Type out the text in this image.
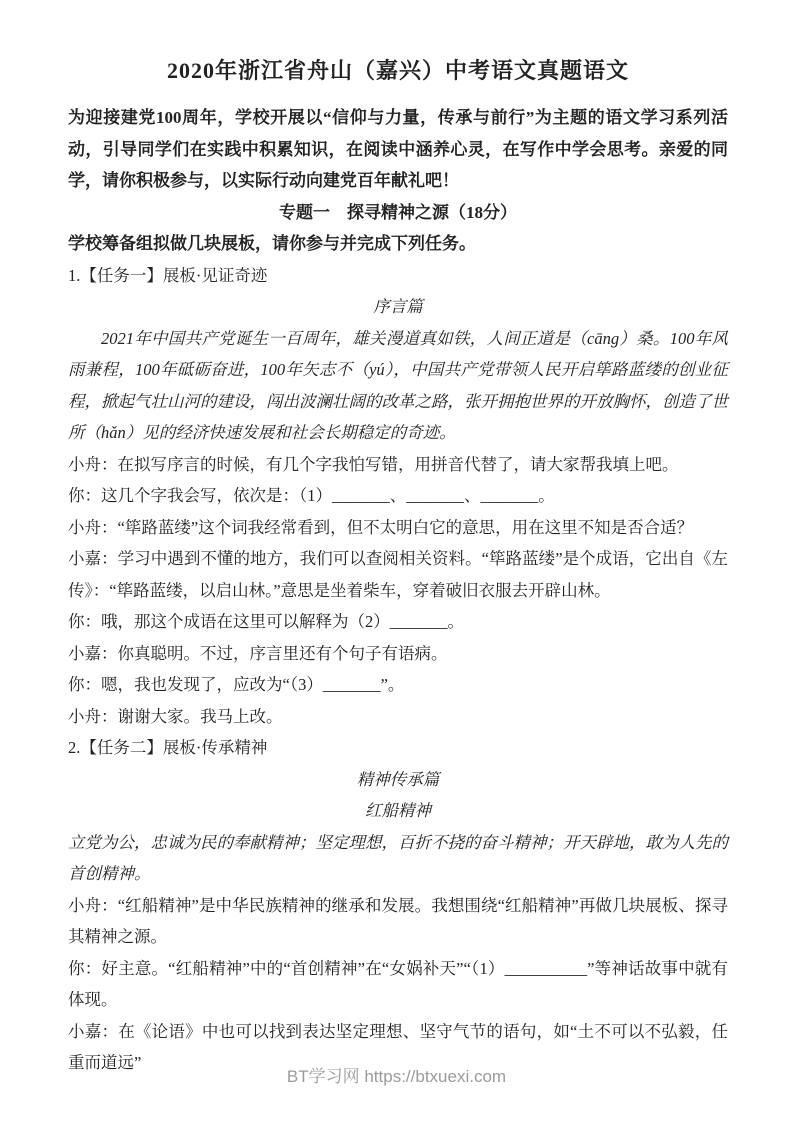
2020年浙江省舟山（嘉兴）中考语文真题语文

为迎接建党100周年，学校开展以“信仰与力量，传承与前行”为主题的语文学习系列活动，引导同学们在实践中积累知识，在阅读中涵养心灵，在写作中学会思考。亲爱的同学，请你积极参与，以实际行动向建党百年献礼吧！

专题一　探寻精神之源（18分）

学校筹备组拟做几块展板，请你参与并完成下列任务。

1.【任务一】展板·见证奇迹

序言篇

2021年中国共产党诞生一百周年，雄关漫道真如铁，人间正道是（cāng）桑。100年风雨兼程，100年砥砺奋进，100年矢志不（yú），中国共产党带领人民开启筚路蓝缕的创业征程，掀起气壮山河的建设，闯出波澜壮阔的改革之路，张开拥抱世界的开放胸怀，创造了世所（hǎn）见的经济快速发展和社会长期稳定的奇迹。

小舟：在拟写序言的时候，有几个字我怕写错，用拼音代替了，请大家帮我填上吧。

你：这几个字我会写，依次是：（1）_______、_______、_______。

小舟：“筚路蓝缕”这个词我经常看到，但不太明白它的意思，用在这里不知是否合适？

小嘉：学习中遇到不懂的地方，我们可以查阅相关资料。“筚路蓝缕”是个成语，它出自《左传》：“筚路蓝缕，以启山林。”意思是坐着柴车，穿着破旧衣服去开辟山林。

你：哦，那这个成语在这里可以解释为（2）_______。

小嘉：你真聪明。不过，序言里还有个句子有语病。

你：嗯，我也发现了，应改为“（3）_______”。

小舟：谢谢大家。我马上改。

2.【任务二】展板·传承精神

精神传承篇

红船精神

立党为公，忠诚为民的奉献精神；坚定理想，百折不挠的奋斗精神；开天辟地，敢为人先的首创精神。

小舟：“红船精神”是中华民族精神的继承和发展。我想围绕“红船精神”再做几块展板、探寻其精神之源。

你：好主意。“红船精神”中的“首创精神”在“女娲补天”“（1）__________”等神话故事中就有体现。

小嘉：在《论语》中也可以找到表达坚定理想、坚守气节的语句，如“土不可以不弘毅，任重而道远”

BT学习网 https://btxuexi.com
